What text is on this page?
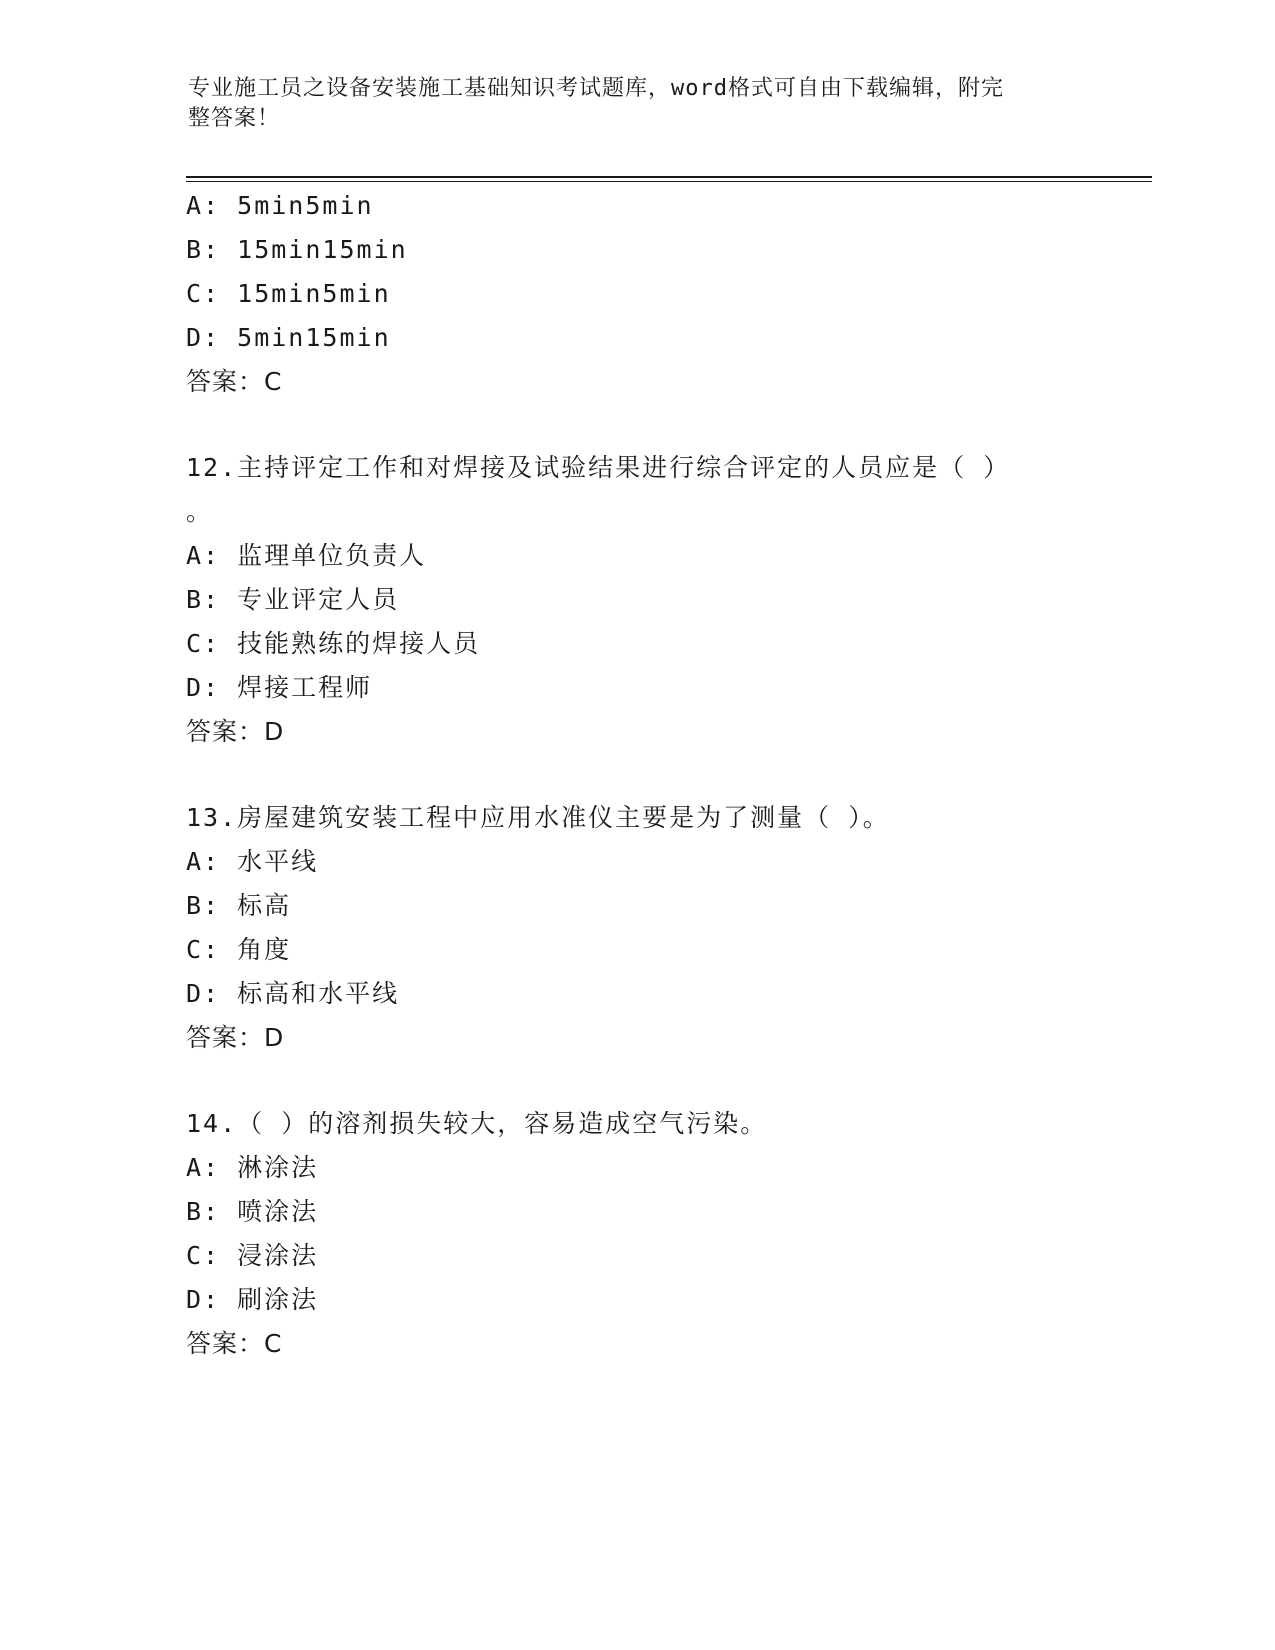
专业施工员之设备安装施工基础知识考试题库，word格式可自由下载编辑，附完
整答案！
A: 5min5min
B: 15min15min
C: 15min5min
D: 5min15min
答案：C
12.主持评定工作和对焊接及试验结果进行综合评定的人员应是（ ）
。
A: 监理单位负责人
B: 专业评定人员
C: 技能熟练的焊接人员
D: 焊接工程师
答案：D
13.房屋建筑安装工程中应用水准仪主要是为了测量（ ）。
A: 水平线
B: 标高
C: 角度
D: 标高和水平线
答案：D
14.（ ）的溶剂损失较大，容易造成空气污染。
A: 淋涂法
B: 喷涂法
C: 浸涂法
D: 刷涂法
答案：C
